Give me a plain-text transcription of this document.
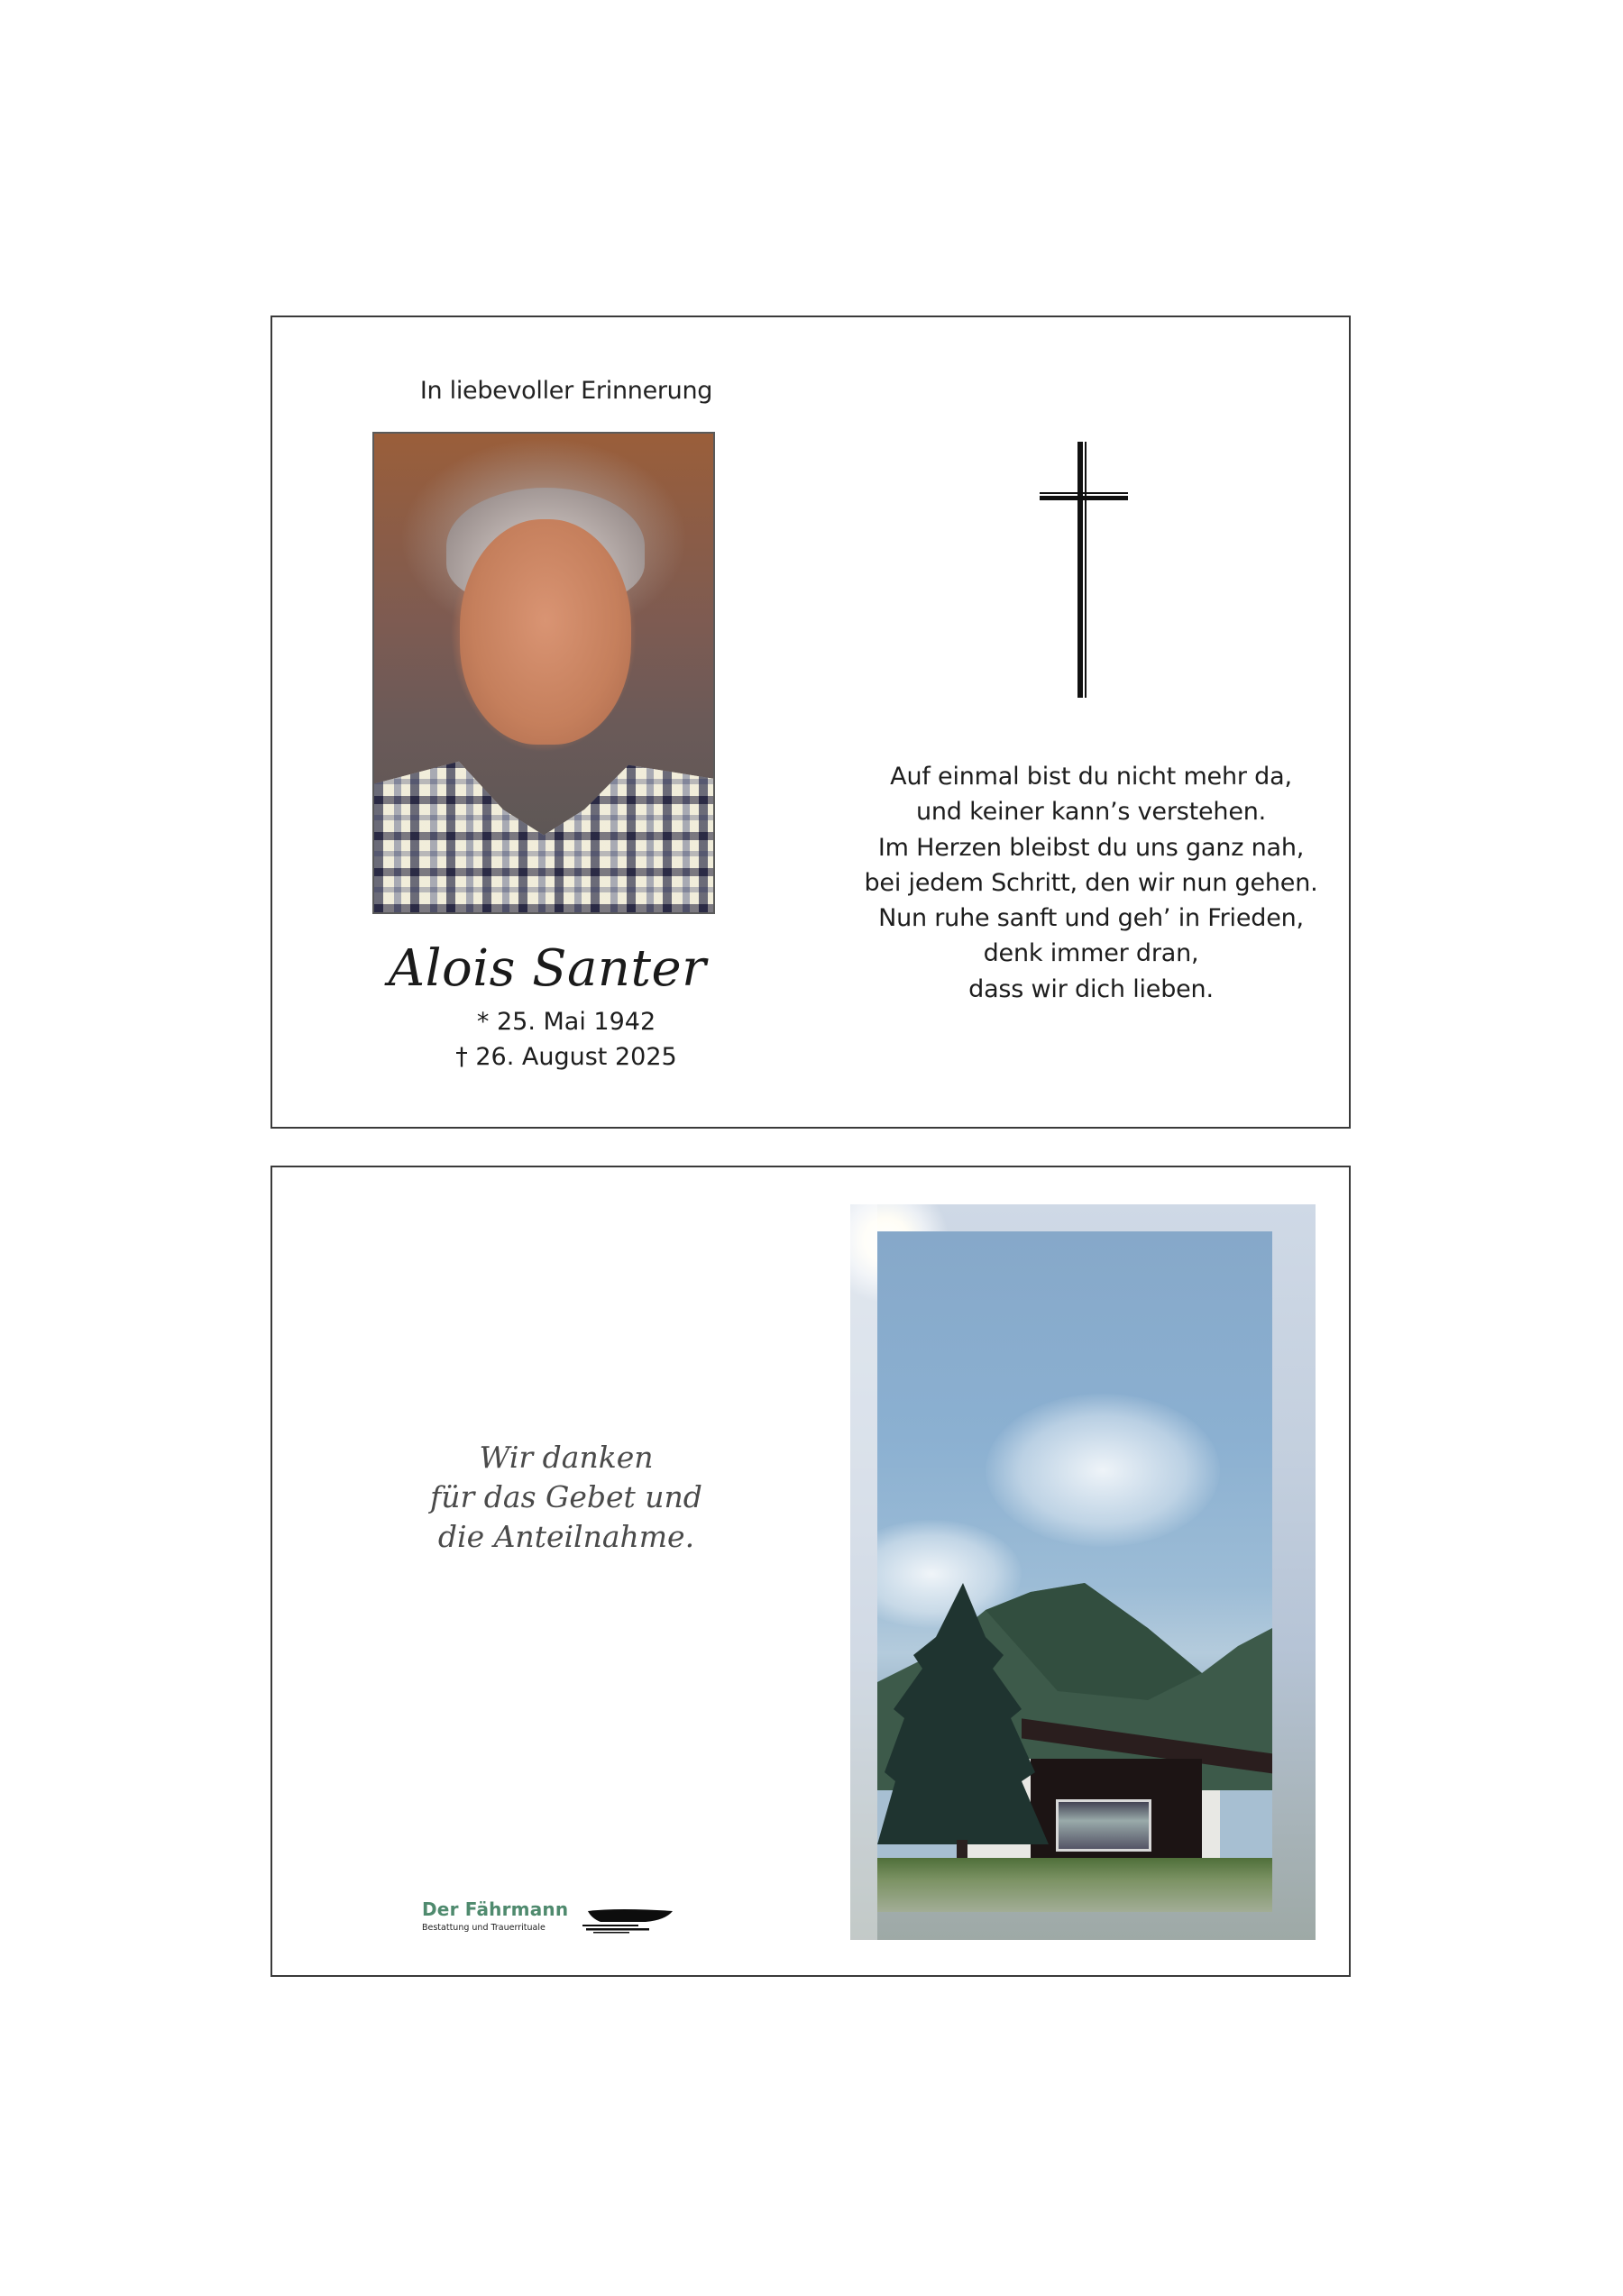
In liebevoller Erinnerung
Alois Santer
* 25. Mai 1942
† 26. August 2025
Auf einmal bist du nicht mehr da,
und keiner kann’s verstehen.
Im Herzen bleibst du uns ganz nah,
bei jedem Schritt, den wir nun gehen.
Nun ruhe sanft und geh’ in Frieden,
denk immer dran,
dass wir dich lieben.
Wir danken
für das Gebet und
die Anteilnahme.
Der Fährmann
Bestattung und Trauerrituale
